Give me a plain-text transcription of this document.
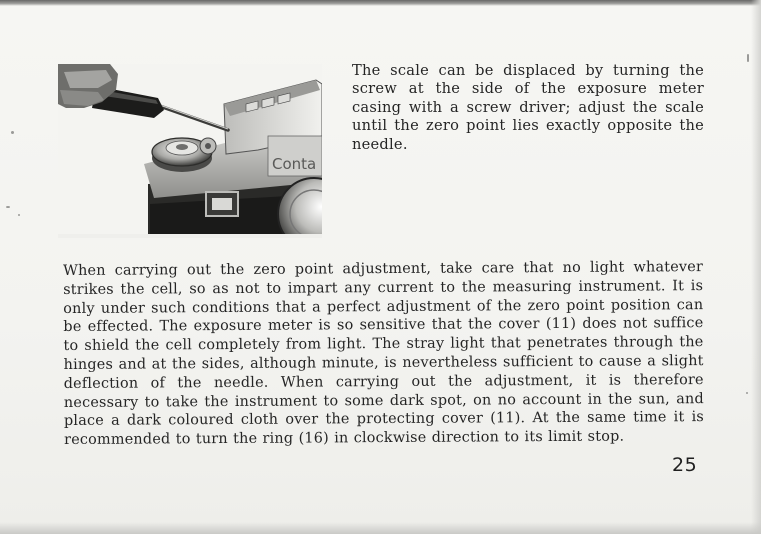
Conta
The scale can be displaced by turning the screw at the side of the exposure meter casing with a screw driver; adjust the scale until the zero point lies exactly opposite the needle.
When carrying out the zero point adjustment, take care that no light whatever strikes the cell, so as not to impart any current to the measuring instrument. It is only under such conditions that a perfect adjustment of the zero point position can be effected. The exposure meter is so sensitive that the cover (11) does not suffice to shield the cell completely from light. The stray light that penetrates through the hinges and at the sides, although minute, is nevertheless sufficient to cause a slight deflection of the needle. When carrying out the adjustment, it is therefore necessary to take the instrument to some dark spot, on no account in the sun, and place a dark coloured cloth over the protecting cover (11). At the same time it is recommended to turn the ring (16) in clockwise direction to its limit stop.
25
